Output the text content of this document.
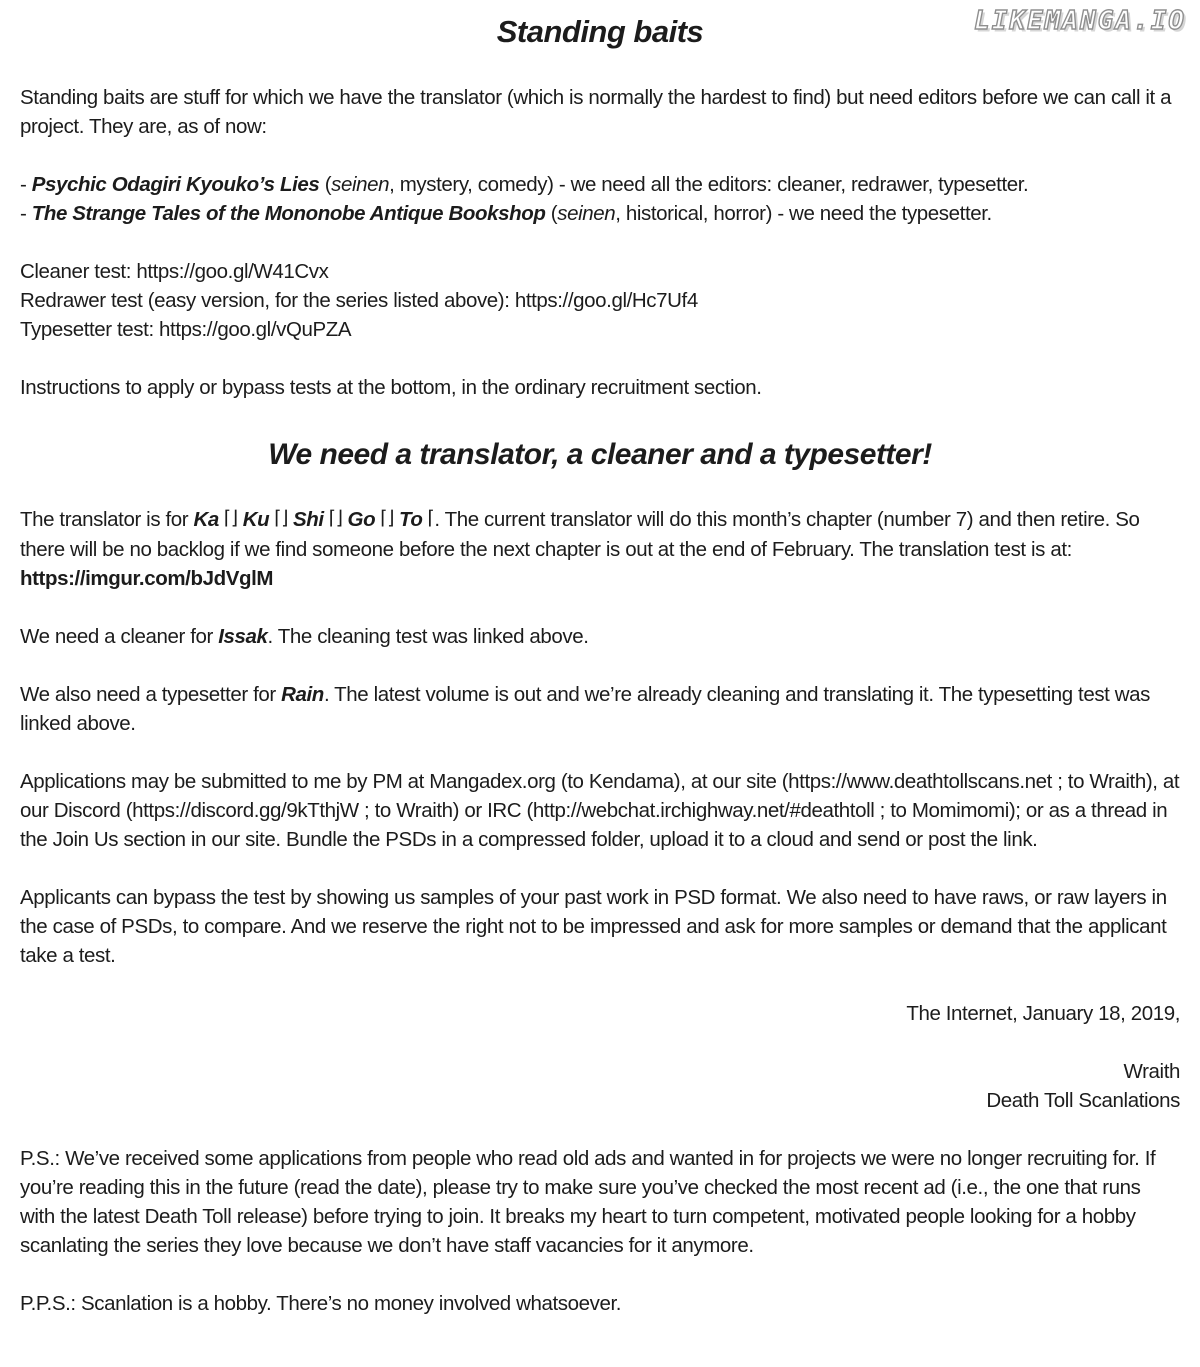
LIKEMANGA.IO
Standing baits

Standing baits are stuff for which we have the translator (which is normally the hardest to find) but need editors before we can call it a project. They are, as of now:

- Psychic Odagiri Kyouko’s Lies (seinen, mystery, comedy) - we need all the editors: cleaner, redrawer, typesetter.

- The Strange Tales of the Mononobe Antique Bookshop (seinen, historical, horror) - we need the typesetter.

Cleaner test: https://goo.gl/W41Cvx

Redrawer test (easy version, for the series listed above): https://goo.gl/Hc7Uf4

Typesetter test: https://goo.gl/vQuPZA

Instructions to apply or bypass tests at the bottom, in the ordinary recruitment section.

We need a translator, a cleaner and a typesetter!

The translator is for Ka ⌈⌋ Ku ⌈⌋ Shi ⌈⌋ Go ⌈⌋ To ⌈. The current translator will do this month’s chapter (number 7) and then retire. So there will be no backlog if we find someone before the next chapter is out at the end of February. The translation test is at: https://imgur.com/bJdVglM

We need a cleaner for Issak. The cleaning test was linked above.

We also need a typesetter for Rain. The latest volume is out and we’re already cleaning and translating it. The typesetting test was linked above.

Applications may be submitted to me by PM at Mangadex.org (to Kendama), at our site (https://www.deathtollscans.net ; to Wraith), at our Discord (https://discord.gg/9kTthjW ; to Wraith) or IRC (http://webchat.irchighway.net/#deathtoll ; to Momimomi); or as a thread in the Join Us section in our site. Bundle the PSDs in a compressed folder, upload it to a cloud and send or post the link.

Applicants can bypass the test by showing us samples of your past work in PSD format. We also need to have raws, or raw layers in the case of PSDs, to compare. And we reserve the right not to be impressed and ask for more samples or demand that the applicant take a test.

The Internet, January 18, 2019,

Wraith

Death Toll Scanlations

P.S.: We’ve received some applications from people who read old ads and wanted in for projects we were no longer recruiting for. If you’re reading this in the future (read the date), please try to make sure you’ve checked the most recent ad (i.e., the one that runs with the latest Death Toll release) before trying to join. It breaks my heart to turn competent, motivated people looking for a hobby scanlating the series they love because we don’t have staff vacancies for it anymore.

P.P.S.: Scanlation is a hobby. There’s no money involved whatsoever.
